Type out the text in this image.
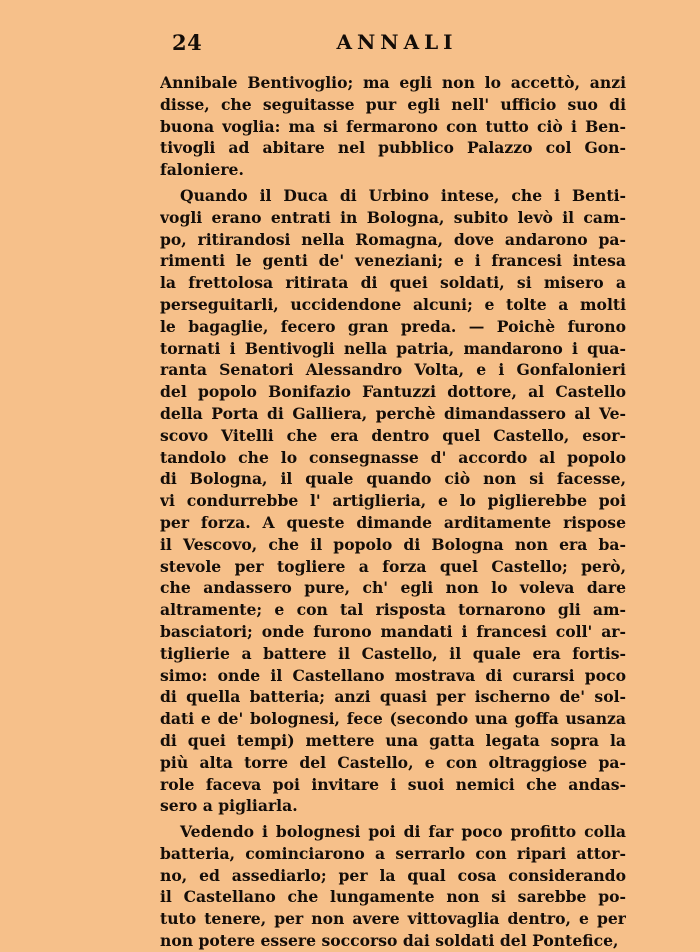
24	ANNALI
Annibale Bentivoglio; ma egli non lo accettò, anzi
disse, che seguitasse pur egli nell' ufficio suo di
buona voglia: ma si fermarono con tutto ciò i Ben-
tivogli ad abitare nel pubblico Palazzo col Gon-
faloniere.
Quando il Duca di Urbino intese, che i Benti-
vogli erano entrati in Bologna, subito levò il cam-
po, ritirandosi nella Romagna, dove andarono pa-
rimenti le genti de' veneziani; e i francesi intesa
la frettolosa ritirata di quei soldati, si misero a
perseguitarli, uccidendone alcuni; e tolte a molti
le bagaglie, fecero gran preda. — Poichè furono
tornati i Bentivogli nella patria, mandarono i qua-
ranta Senatori Alessandro Volta, e i Gonfalonieri
del popolo Bonifazio Fantuzzi dottore, al Castello
della Porta di Galliera, perchè dimandassero al Ve-
scovo Vitelli che era dentro quel Castello, esor-
tandolo che lo consegnasse d' accordo al popolo
di Bologna, il quale quando ciò non si facesse,
vi condurrebbe l' artiglieria, e lo piglierebbe poi
per forza. A queste dimande arditamente rispose
il Vescovo, che il popolo di Bologna non era ba-
stevole per togliere a forza quel Castello; però,
che andassero pure, ch' egli non lo voleva dare
altramente; e con tal risposta tornarono gli am-
basciatori; onde furono mandati i francesi coll' ar-
tiglierie a battere il Castello, il quale era fortis-
simo: onde il Castellano mostrava di curarsi poco
di quella batteria; anzi quasi per ischerno de' sol-
dati e de' bolognesi, fece (secondo una goffa usanza
di quei tempi) mettere una gatta legata sopra la
più alta torre del Castello, e con oltraggiose pa-
role faceva poi invitare i suoi nemici che andas-
sero a pigliarla.
Vedendo i bolognesi poi di far poco profitto colla
batteria, cominciarono a serrarlo con ripari attor-
no, ed assediarlo; per la qual cosa considerando
il Castellano che lungamente non si sarebbe po-
tuto tenere, per non avere vittovaglia dentro, e per
non potere essere soccorso dai soldati del Pontefice,
